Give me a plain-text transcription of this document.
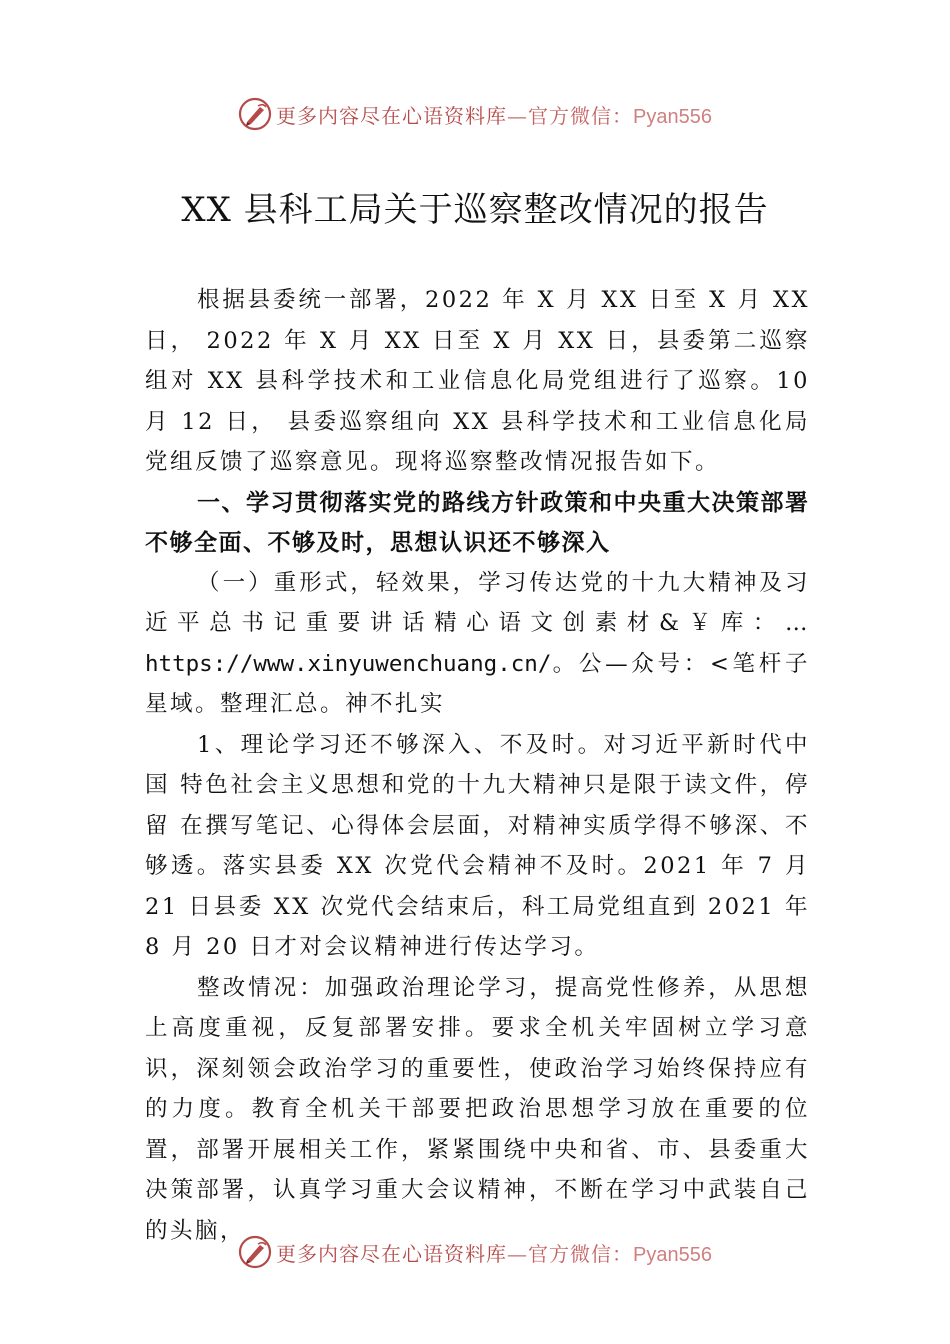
更多内容尽在心语资料库—官方微信：Pyan556
XX 县科工局关于巡察整改情况的报告

根据县委统一部署，2022 年 X 月 XX 日至 X 月 XX 日， 2022 年 X 月 XX 日至 X 月 XX 日，县委第二巡察组对 XX 县科学技术和工业信息化局党组进行了巡察。10 月 12 日， 县委巡察组向 XX 县科学技术和工业信息化局党组反馈了巡察意见。现将巡察整改情况报告如下。

一、学习贯彻落实党的路线方针政策和中央重大决策部署不够全面、不够及时，思想认识还不够深入

（一）重形式，轻效果，学习传达党的十九大精神及习近平总书记重要讲话精心语文创素材&￥库：…https://www.xinyuwenchuang.cn/。公—众号：<笔杆子星域。整理汇总。神不扎实

1、理论学习还不够深入、不及时。对习近平新时代中国 特色社会主义思想和党的十九大精神只是限于读文件，停留 在撰写笔记、心得体会层面，对精神实质学得不够深、不够透。落实县委 XX 次党代会精神不及时。2021 年 7 月 21 日县委 XX 次党代会结束后，科工局党组直到 2021 年 8 月 20 日才对会议精神进行传达学习。

整改情况：加强政治理论学习，提高党性修养，从思想上高度重视，反复部署安排。要求全机关牢固树立学习意识，深刻领会政治学习的重要性，使政治学习始终保持应有的力度。教育全机关干部要把政治思想学习放在重要的位置，部署开展相关工作，紧紧围绕中央和省、市、县委重大决策部署，认真学习重大会议精神，不断在学习中武装自己的头脑，

更多内容尽在心语资料库—官方微信：Pyan556
